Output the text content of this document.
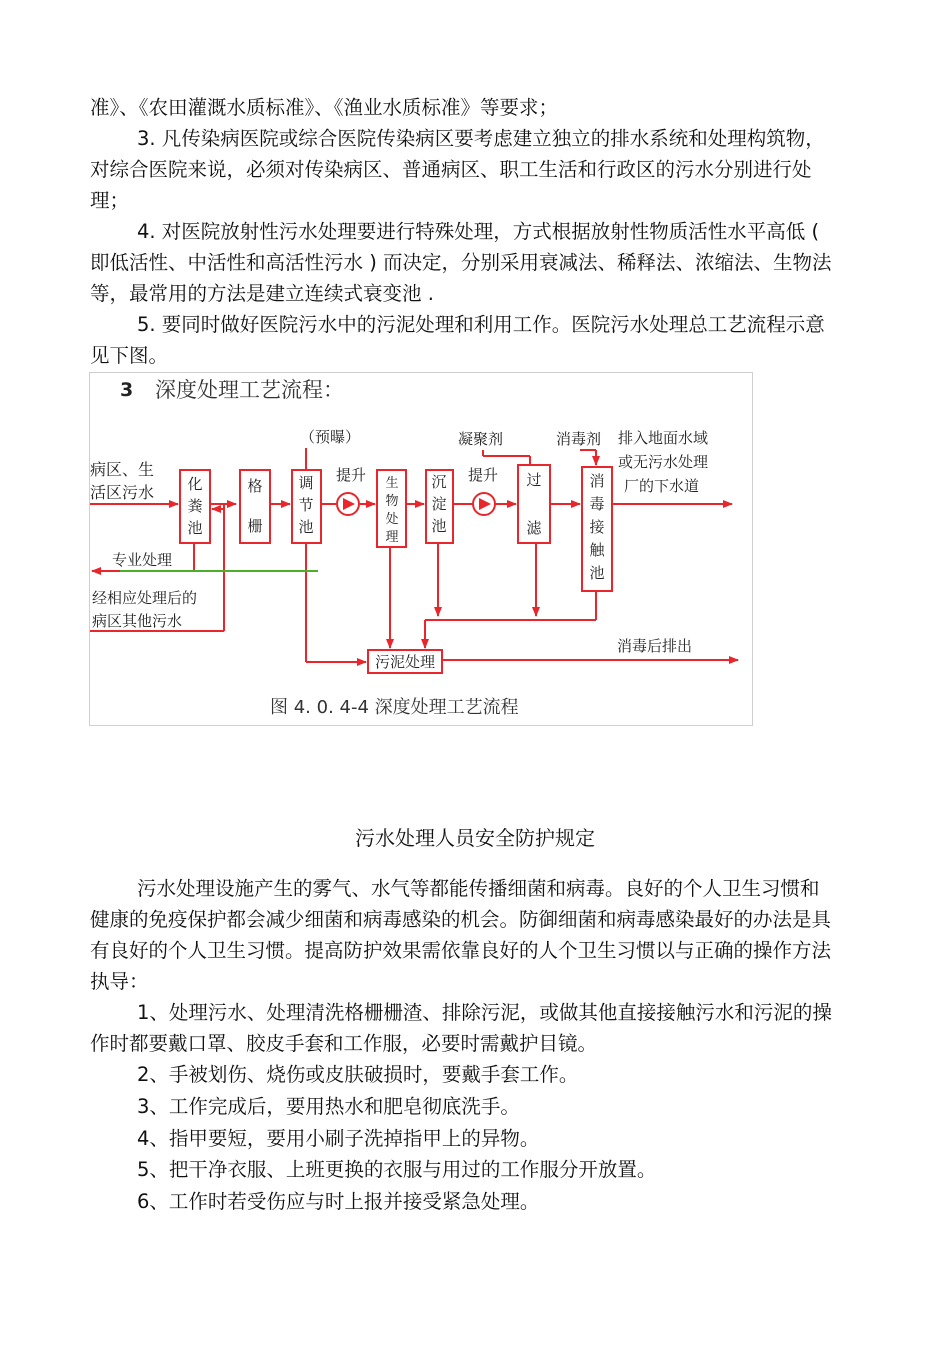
准》、《农田灌溉水质标准》、《渔业水质标准》等要求；

3. 凡传染病医院或综合医院传染病区要考虑建立独立的排水系统和处理构筑物，对综合医院来说，必须对传染病区、普通病区、职工生活和行政区的污水分别进行处理；

4. 对医院放射性污水处理要进行特殊处理，方式根据放射性物质活性水平高低 ( 即低活性、中活性和高活性污水 ) 而决定，分别采用衰减法、稀释法、浓缩法、生物法等，最常用的方法是建立连续式衰变池 .

5. 要同时做好医院污水中的污泥处理和利用工作。医院污水处理总工艺流程示意见下图。

3 深度处理工艺流程：
病区、生
活区污水 化
粪
池
格
栅
调
节
池
生
物
处
理
沉
淀
池
过
滤
消
毒
接
触
池
污泥处理
（预曝）
提升	提升
凝聚剂	消毒剂 排入地面水域
或无污水处理
厂的下水道
专业处理
经相应处理后的
病区其他污水
消毒后排出
图 4. 0. 4-4 深度处理工艺流程
污水处理人员安全防护规定

污水处理设施产生的雾气、水气等都能传播细菌和病毒。良好的个人卫生习惯和健康的免疫保护都会减少细菌和病毒感染的机会。防御细菌和病毒感染最好的办法是具有良好的个人卫生习惯。提高防护效果需依靠良好的人个卫生习惯以与正确的操作方法执导：

1、处理污水、处理清洗格栅栅渣、排除污泥，或做其他直接接触污水和污泥的操作时都要戴口罩、胶皮手套和工作服，必要时需戴护目镜。

2、手被划伤、烧伤或皮肤破损时，要戴手套工作。

3、工作完成后，要用热水和肥皂彻底洗手。

4、指甲要短，要用小刷子洗掉指甲上的异物。

5、把干净衣服、上班更换的衣服与用过的工作服分开放置。

6、工作时若受伤应与时上报并接受紧急处理。
